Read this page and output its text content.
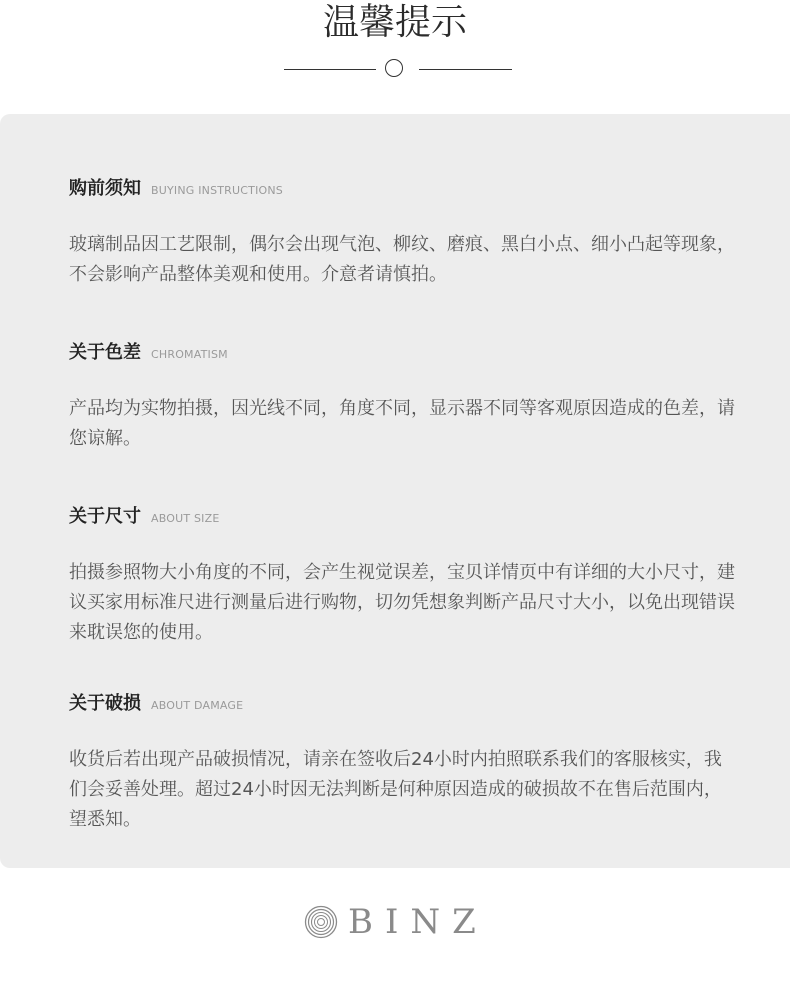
温馨提示
购前须知 BUYING INSTRUCTIONS

玻璃制品因工艺限制，偶尔会出现气泡、柳纹、磨痕、黑白小点、细小凸起等现象，不会影响产品整体美观和使用。介意者请慎拍。

关于色差 CHROMATISM

产品均为实物拍摄，因光线不同，角度不同，显示器不同等客观原因造成的色差，请您谅解。

关于尺寸 ABOUT SIZE

拍摄参照物大小角度的不同，会产生视觉误差，宝贝详情页中有详细的大小尺寸，建议买家用标准尺进行测量后进行购物，切勿凭想象判断产品尺寸大小，以免出现错误来耽误您的使用。

关于破损 ABOUT DAMAGE

收货后若出现产品破损情况，请亲在签收后24小时内拍照联系我们的客服核实，我们会妥善处理。超过24小时因无法判断是何种原因造成的破损故不在售后范围内，望悉知。

BINZ
